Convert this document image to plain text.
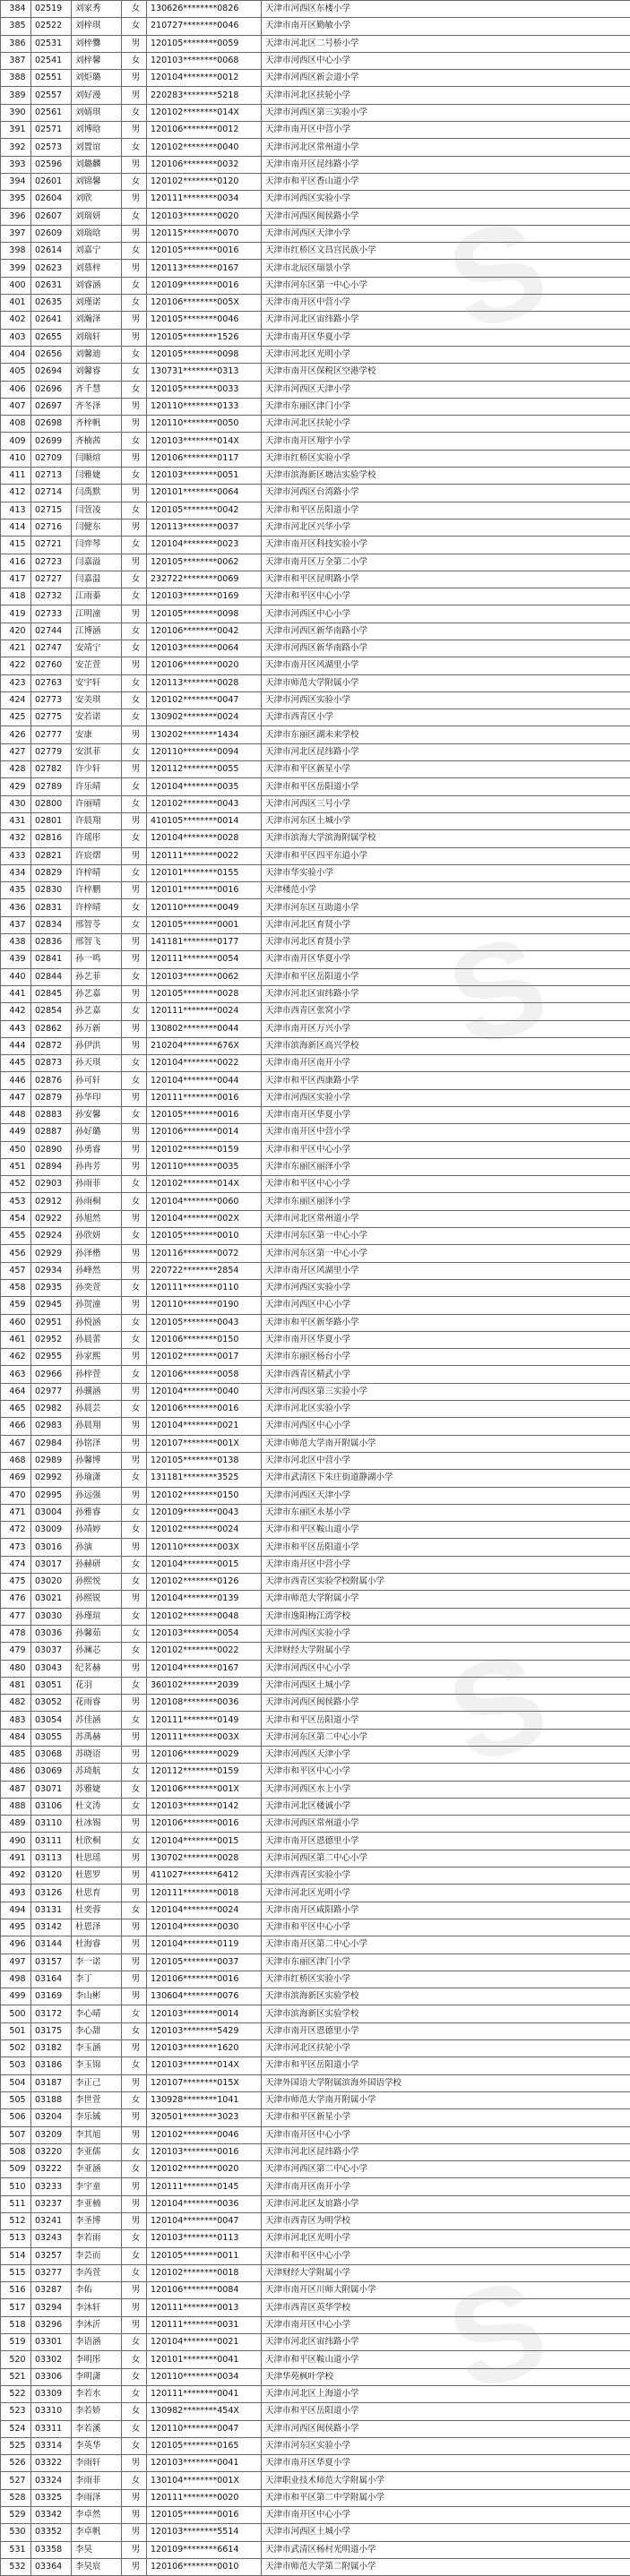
S
S
S
S
384	02519	刘家秀	女	130626********0826	天津市河西区东楼小学
385	02522	刘梓琪	女	210727********0046	天津市南开区勤敏小学
386	02531	刘梓爨	男	120105********0059	天津市河北区二号桥小学
387	02541	刘梓馨	女	120103********0068	天津市河西区中心小学
388	02551	刘炬璐	男	120104********0012	天津市河西区新会道小学
389	02557	刘好漫	男	220283********5218	天津市河北区扶轮小学
390	02561	刘婧琪	女	120102********014X	天津市河西区第三实验小学
391	02571	刘博晗	男	120106********0012	天津市南开区中营小学
392	02573	刘置谊	女	120102********0040	天津市河北区常州道小学
393	02596	刘璐麟	男	120106********0032	天津市南开区昆纬路小学
394	02601	刘锦馨	女	120102********0120	天津市和平区香山道小学
395	02604	刘欣	男	120111********0034	天津市河西区实验小学
396	02607	刘瑞妍	女	120103********0020	天津市河西区闽侯路小学
397	02609	刘瑞晗	男	120115********0070	天津市河西区天津小学
398	02614	刘嘉宁	女	120105********0016	天津市红桥区文昌宫民族小学
399	02623	刘慕梓	男	120113********0167	天津市北辰区瑞景小学
400	02631	刘睿涵	女	120109********0016	天津市河东区第一中心小学
401	02635	刘瑾诺	女	120106********005X	天津市南开区中营小学
402	02641	刘瀚泽	男	120105********0046	天津市河北区宙纬路小学
403	02655	刘瑞轩	男	120105********1526	天津市南开区华夏小学
404	02656	刘馨迪	女	120105********0098	天津市河北区光明小学
405	02694	刘馨睿	女	130731********0313	天津市南开区保税区空港学校
406	02696	齐千慧	女	120105********0033	天津市河西区天津小学
407	02697	齐冬泽	男	120110********0133	天津市东丽区津门小学
408	02698	齐梓帆	男	120110********0050	天津市河北区扶轮小学
409	02699	齐楠茜	女	120103********014X	天津市南开区翔宇小学
410	02709	闫顺煊	男	120106********0117	天津市红桥区实验小学
411	02713	闫雅婕	女	120103********0051	天津市滨海新区塘沽实验学校
412	02714	闫禹默	男	120101********0064	天津市河西区台湾路小学
413	02715	闫萱凌	女	120105********0042	天津市和平区岳阳道小学
414	02716	闫健东	男	120113********0037	天津市河北区兴华小学
415	02721	闫弈琴	女	120104********0023	天津市南开区科技实验小学
416	02723	闫嘉溢	男	120105********0062	天津市南开区万全第二小学
417	02727	闫嘉温	女	232722********0069	天津市和平区昆明路小学
418	02732	江雨蓁	女	120103********0169	天津市和平区中心小学
419	02733	江明潼	男	120105********0098	天津市河西区中心小学
420	02744	江博涵	女	120106********0042	天津市河西区新华南路小学
421	02747	安靖宁	女	120103********0064	天津市河西区新华南路小学
422	02760	安芷萱	男	120106********0020	天津市南开区风湖里小学
423	02763	安宇轩	女	120113********0028	天津市师范大学附属小学
424	02773	安美琪	女	120102********0047	天津市河西区实验小学
425	02775	安若诺	女	130902********0024	天津市西青区小学
426	02777	安康	男	130202********1434	天津市东丽区湖未来学校
427	02779	安淇菲	女	120110********0094	天津市河北区昆纬路小学
428	02782	许少轩	男	120112********0055	天津市和平区新星小学
429	02789	许乐晴	女	120104********0035	天津市和平区岳阳道小学
430	02800	许丽晴	女	120102********0043	天津市河西区三号小学
431	02801	许晨翔	男	410105********0014	天津市河东区土城小学
432	02816	许瑶彤	女	120104********0028	天津市滨海大学滨海附属学校
433	02821	许宸熠	男	120111********0022	天津市和平区四平东道小学
434	02829	许梓晴	女	120101********0155	天津市华实验小学
435	02830	许梓鹏	男	120101********0016	天津楼范小学
436	02831	许梓晴	女	120110********0049	天津市河东区互助道小学
437	02834	邢智苓	女	120105********0001	天津市河北区育贤小学
438	02836	邢智飞	男	141181********0177	天津市河北区育贤小学
439	02841	孙一鸣	男	120111********0054	天津市南开区华夏小学
440	02844	孙艺菲	女	120103********0062	天津市和平区岳阳道小学
441	02845	孙艺嘉	男	120105********0028	天津市河北区宙纬路小学
442	02854	孙艺嘉	女	120111********0024	天津市西青区张窝小学
443	02862	孙万新	男	130802********0044	天津市南开区万兴小学
444	02872	孙伊洪	男	210204********676X	天津市滨海新区高兴学校
445	02873	孙天琪	女	120104********0022	天津市南开区南开小学
446	02876	孙可轩	女	120104********0044	天津市和平区西康路小学
447	02879	孙华印	男	120111********0016	天津市河西区实验小学
448	02883	孙安馨	女	120105********0016	天津市南开区华夏小学
449	02887	孙好璐	男	120106********0014	天津市南开区中营小学
450	02890	孙勇睿	男	120102********0159	天津市和平区中心小学
451	02894	孙冉芳	男	120110********0035	天津市东丽区丽泽小学
452	02903	孙雨菲	女	120102********014X	天津市和平区中心小学
453	02912	孙雨桐	女	120104********0060	天津市东丽区丽泽小学
454	02922	孙旭然	男	120104********002X	天津市河北区常州道小学
455	02924	孙欣妍	女	120105********0010	天津市河东区第一中心小学
456	02929	孙泽楷	男	120116********0072	天津市河东区第一中心小学
457	02934	孙峰然	男	220722********2854	天津市南开区风湖里小学
458	02935	孙奕萱	女	120111********0110	天津市河西区实验小学
459	02945	孙贺潼	男	120110********0190	天津市河西区中心小学
460	02951	孙悦涵	女	120105********0043	天津市和平区新华路小学
461	02952	孙晨蕾	女	120106********0150	天津市南开区华夏小学
462	02955	孙家熙	男	120102********0017	天津市东丽区杨台小学
463	02966	孙梓萱	女	120106********0058	天津市西青区精武小学
464	02977	孙骥涵	男	120104********0040	天津市河西区第三实验小学
465	02982	孙晨芸	女	120106********0016	天津市河北区实验小学
466	02983	孙晨翔	男	120104********0021	天津市河西区中心小学
467	02984	孙铭泽	男	120107********001X	天津市师范大学南开附属小学
468	02989	孙馨博	男	120105********0138	天津市河北区中营小学
469	02992	孙瑜潇	女	131181********3525	天津市武清区下朱庄街道静湖小学
470	02995	孙远强	男	120102********0150	天津市河西区天津小学
471	03004	孙雅睿	女	120109********0043	天津市东丽区永基小学
472	03009	孙靖婷	女	120102********0024	天津市和平区鞍山道小学
473	03016	孙演	男	120110********003X	天津市和平区岳阳道小学
474	03017	孙赫研	女	120104********0015	天津市南开区中营小学
475	03020	孙熙悦	女	120102********0126	天津市西青区实验学校附属小学
476	03021	孙熙锐	男	120104********0139	天津市师范大学附属小学
477	03030	孙瑾瑄	女	120102********0048	天津市逸阳梅江湾学校
478	03036	孙馨茹	女	120103********0054	天津市河西区实验小学
479	03037	孙澜芯	女	120102********0022	天津财经大学附属小学
480	03043	纪茗赫	男	120104********0167	天津市河西区中心小学
481	03051	花羽	女	360102********2039	天津市河西区土城小学
482	03052	花雨睿	男	120108********0036	天津市河西区闽侯路小学
483	03054	苏佳涵	女	120111********0149	天津市和平区岳阳道小学
484	03055	苏禹赫	男	120111********003X	天津市河东区第二中心小学
485	03068	苏晓语	男	120106********0029	天津市河西区天津小学
486	03069	苏琦航	女	120112********0159	天津市和平区中心小学
487	03071	苏雅婕	女	120106********001X	天津市河西区水上小学
488	03106	杜文涛	女	120103********0142	天津市河北区楼诚小学
489	03110	杜冰锡	男	120106********0016	天津市河西区常州道小学
490	03111	杜欣桐	女	120104********0015	天津市南开区恩德里小学
491	03113	杜思瑶	男	130702********0028	天津市河西区第二中心小学
492	03120	杜恩罗	男	411027********6412	天津市西青区实验小学
493	03126	杜思育	男	120111********0018	天津市河北区光明小学
494	03131	杜奕蓉	女	120104********0024	天津市南开区咸阳路小学
495	03142	杜恩泽	男	120104********0030	天津市和平区中心小学
496	03144	杜海睿	男	120104********0119	天津市南开区第二中心小学
497	03157	李一诺	男	120105********0037	天津市东丽区津门小学
498	03164	李丁	男	120106********0016	天津市红桥区实验小学
499	03169	李山彬	男	130604********0076	天津市滨海新区实验学校
500	03172	李心晴	女	120103********0014	天津市滨海新区实验学校
501	03175	李心甜	女	120103********5429	天津市南开区恩德里小学
502	03182	李玉涵	男	120103********1620	天津市河北区扶轮小学
503	03186	李玉锦	女	120103********014X	天津市和平区岳阳道小学
504	03187	李正己	男	120107********015X	天津外国语大学附属滨海外国语学校
505	03188	李世萱	女	130928********1041	天津市师范大学南开附属小学
506	03204	李乐铖	男	320501********3023	天津市和平区新星小学
507	03209	李其旭	男	120102********0046	天津市南开区中心小学
508	03220	李亚儒	女	120103********0016	天津市河北区昆纬路小学
509	03222	李亚涵	女	120102********0020	天津市河西区第二中心小学
510	03233	李宇童	男	120111********0145	天津市南开区南开小学
511	03237	李亚楠	男	120104********0036	天津市河北区友谊路小学
512	03241	李圣博	男	120104********0047	天津市西青区为明学校
513	03243	李若雨	女	120103********0113	天津市河北区光明小学
514	03257	李芸而	女	120105********0011	天津市和平区中心小学
515	03277	李芮萱	女	120102********0018	天津财经大学附属小学
516	03287	李佑	男	120106********0084	天津市南开区川师大附属小学
517	03294	李沐轩	男	120111********0013	天津市西青区英华学校
518	03296	李沐沂	男	120111********0031	天津市南开区中心小学
519	03301	李语涵	女	120104********0021	天津市河北区宙纬路小学
520	03302	李明彤	女	120101********0041	天津市和平区鞍山道小学
521	03306	李明潇	女	120110********0034	天津华苑枫叶学校
522	03309	李若水	女	120111********0041	天津市河北区上海道小学
523	03310	李若娇	女	130982********454X	天津市和平区岳阳道小学
524	03311	李若溪	女	120110********0047	天津市河西区闽侯路小学
525	03314	李英华	女	120105********0165	天津市河东区实验小学
526	03322	李雨轩	男	120103********0041	天津市南开区华夏小学
527	03324	李雨菲	女	130104********001X	天津职业技术师范大学附属小学
528	03325	李雨泽	男	120111********0020	天津市和平区第二中学附属小学
529	03342	李卓然	男	120105********0016	天津市南开区中心小学
530	03352	李卓帆	男	120103********5514	天津市河西区土城小学
531	03358	李昊	男	120109********6614	天津市武清区杨村光明道小学
532	03364	李昊宸	男	120106********0010	天津市师范大学第二附属小学
